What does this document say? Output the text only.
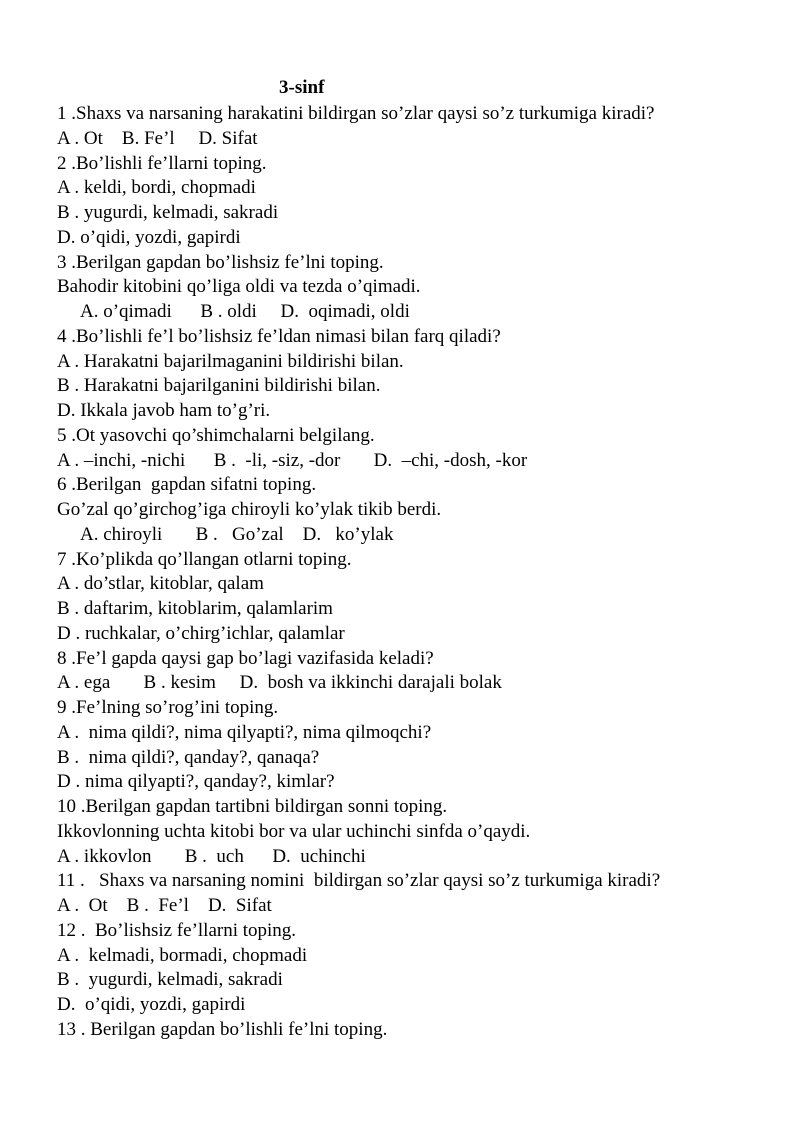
3-sinf
1 .Shaxs va narsaning harakatini bildirgan so’zlar qaysi so’z turkumiga kiradi?
A . Ot    B. Fe’l     D. Sifat
2 .Bo’lishli fe’llarni toping.
A . keldi, bordi, chopmadi
B . yugurdi, kelmadi, sakradi
D. o’qidi, yozdi, gapirdi
3 .Berilgan gapdan bo’lishsiz fe’lni toping.
Bahodir kitobini qo’liga oldi va tezda o’qimadi.
A. o’qimadi      B . oldi     D.  oqimadi, oldi
4 .Bo’lishli fe’l bo’lishsiz fe’ldan nimasi bilan farq qiladi?
A . Harakatni bajarilmaganini bildirishi bilan.
B . Harakatni bajarilganini bildirishi bilan.
D. Ikkala javob ham to’g’ri.
5 .Ot yasovchi qo’shimchalarni belgilang.
A . –inchi, -nichi      B .  -li, -siz, -dor       D.  –chi, -dosh, -kor
6 .Berilgan  gapdan sifatni toping.
Go’zal qo’girchog’iga chiroyli ko’ylak tikib berdi.
A. chiroyli       B .   Go’zal    D.   ko’ylak
7 .Ko’plikda qo’llangan otlarni toping.
A . do’stlar, kitoblar, qalam
B . daftarim, kitoblarim, qalamlarim
D . ruchkalar, o’chirg’ichlar, qalamlar
8 .Fe’l gapda qaysi gap bo’lagi vazifasida keladi?
A . ega       B . kesim     D.  bosh va ikkinchi darajali bolak
9 .Fe’lning so’rog’ini toping.
A .  nima qildi?, nima qilyapti?, nima qilmoqchi?
B .  nima qildi?, qanday?, qanaqa?
D . nima qilyapti?, qanday?, kimlar?
10 .Berilgan gapdan tartibni bildirgan sonni toping.
Ikkovlonning uchta kitobi bor va ular uchinchi sinfda o’qaydi.
A . ikkovlon       B .  uch      D.  uchinchi
11 .   Shaxs va narsaning nomini  bildirgan so’zlar qaysi so’z turkumiga kiradi?
A .  Ot    B .  Fe’l    D.  Sifat
12 .  Bo’lishsiz fe’llarni toping.
A .  kelmadi, bormadi, chopmadi
B .  yugurdi, kelmadi, sakradi
D.  o’qidi, yozdi, gapirdi
13 . Berilgan gapdan bo’lishli fe’lni toping.
